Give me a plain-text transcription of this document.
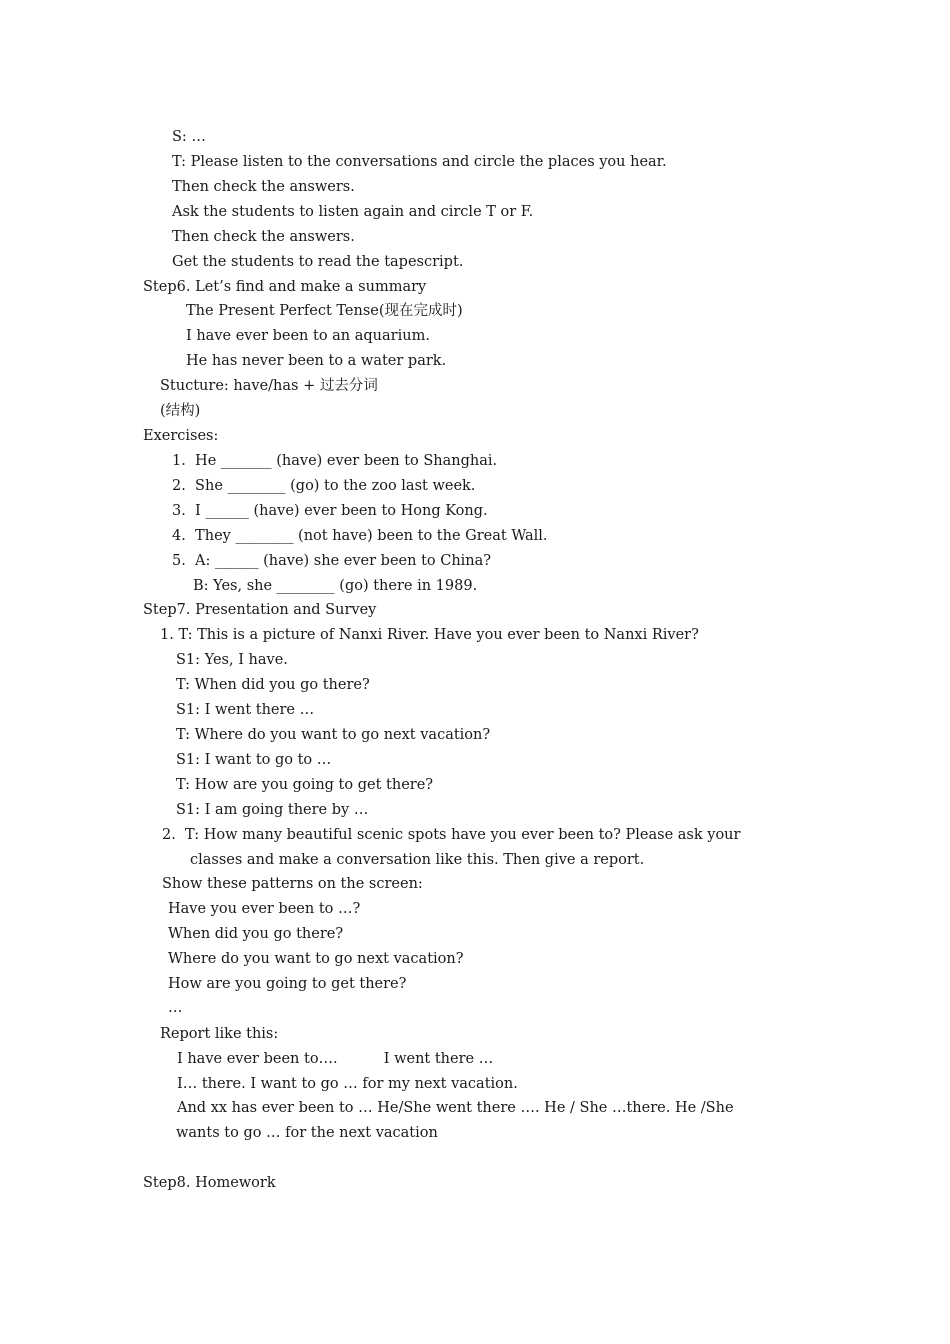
S: …
T: Please listen to the conversations and circle the places you hear.
Then check the answers.
Ask the students to listen again and circle T or F.
Then check the answers.
Get the students to read the tapescript.
Step6. Let’s find and make a summary
The Present Perfect Tense(现在完成时)
I have ever been to an aquarium.
He has never been to a water park.
Stucture: have/has + 过去分词
(结构)
Exercises:
1.  He _______ (have) ever been to Shanghai.
2.  She ________ (go) to the zoo last week.
3.  I ______ (have) ever been to Hong Kong.
4.  They ________ (not have) been to the Great Wall.
5.  A: ______ (have) she ever been to China?
B: Yes, she ________ (go) there in 1989.
Step7. Presentation and Survey
1. T: This is a picture of Nanxi River. Have you ever been to Nanxi River?
S1: Yes, I have.
T: When did you go there?
S1: I went there …
T: Where do you want to go next vacation?
S1: I want to go to …
T: How are you going to get there?
S1: I am going there by …
2.  T: How many beautiful scenic spots have you ever been to? Please ask your
classes and make a conversation like this. Then give a report.
Show these patterns on the screen:
Have you ever been to …?
When did you go there?
Where do you want to go next vacation?
How are you going to get there?
…
Report like this:
I have ever been to….          I went there …
I… there. I want to go … for my next vacation.
And xx has ever been to … He/She went there …. He / She …there. He /She
wants to go … for the next vacation
Step8. Homework
